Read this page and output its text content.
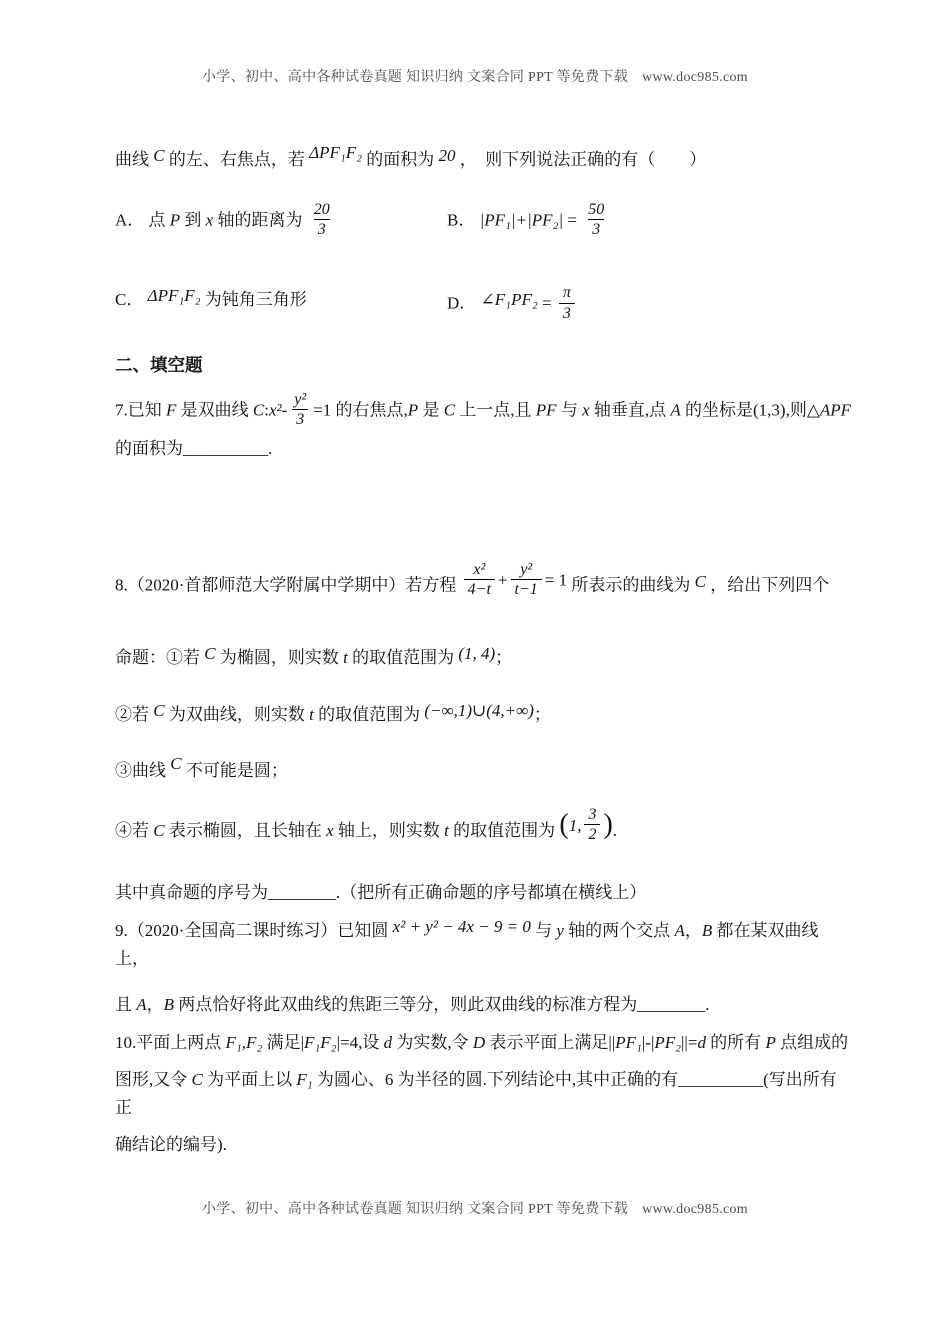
小学、初中、高中各种试卷真题 知识归纳 文案合同 PPT 等免费下载 www.doc985.com
曲线 C 的左、右焦点，若 ΔPF₁F₂ 的面积为 20 ，　则下列说法正确的有（　　）
A． 点 P 到 x 轴的距离为 $\frac{20}{3}$	B． $|PF_1|+|PF_2| = \frac{50}{3}$
C． ΔPF₁F₂ 为钝角三角形	D． ∠F₁PF₂ = $\frac{\pi}{3}$
二、填空题
7.已知 F 是双曲线 C:x²- $\frac{\text{y²}}{3} =1$ 的右焦点,P 是 C 上一点,且 PF 与 x 轴垂直,点 A 的坐标是(1,3),则△APF
的面积为__________.
8.（2020·首都师范大学附属中学期中）若方程 $\frac{\text{x²}}{4-t} + \frac{\text{y²}}{t-1} = 1$ 所表示的曲线为 C ，给出下列四个
命题：①若 C 为椭圆，则实数 t 的取值范围为 (1, 4)；
②若 C 为双曲线，则实数 t 的取值范围为 (−∞,1)∪(4,+∞)；
③曲线 C 不可能是圆；
④若 C 表示椭圆，且长轴在 x 轴上，则实数 t 的取值范围为 (1, $\frac{3}{2}$ ).
其中真命题的序号为________.（把所有正确命题的序号都填在横线上）
9.（2020·全国高二课时练习）已知圆 x² + y² − 4x − 9 = 0 与 y 轴的两个交点 A，B 都在某双曲线上，
且 A，B 两点恰好将此双曲线的焦距三等分，则此双曲线的标准方程为________.
10.平面上两点 F₁,F₂ 满足|F₁F₂|=4,设 d 为实数,令 D 表示平面上满足||PF₁|-|PF₂||=d 的所有 P 点组成的
图形,又令 C 为平面上以 F₁ 为圆心、6 为半径的圆.下列结论中,其中正确的有__________(写出所有正
确结论的编号).
小学、初中、高中各种试卷真题 知识归纳 文案合同 PPT 等免费下载 www.doc985.com
